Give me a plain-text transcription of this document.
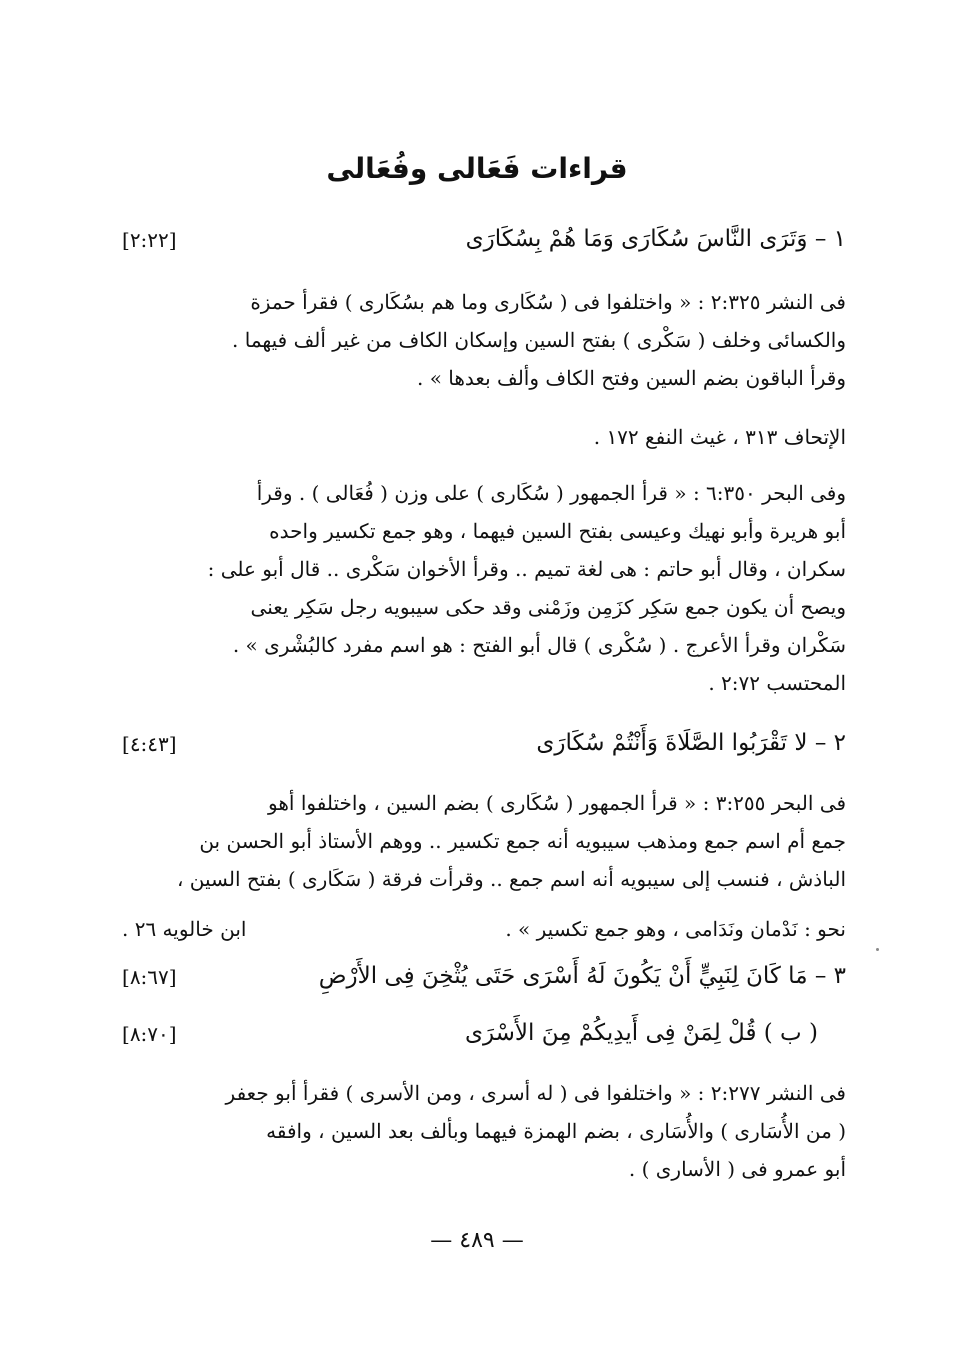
قراءات فَعَالى وفُعَالى
١ – وَتَرَى النَّاسَ سُكَارَى وَمَا هُمْ بِسُكَارَى
[٢:٢٢]
فى النشر ٢:٣٢٥ : « واختلفوا فى ( سُكَارى وما هم بسُكَارى ) فقرأ حمزة
والكسائى وخلف ( سَكْرى ) بفتح السين وإسكان الكاف من غير ألف فيهما .
وقرأ الباقون بضم السين وفتح الكاف وألف بعدها » .
الإتحاف ٣١٣ ، غيث النفع ١٧٢ .
وفى البحر ٦:٣٥٠ : « قرأ الجمهور ( سُكَارى ) على وزن ( فُعَالى ) . وقرأ
أبو هريرة وأبو نهيك وعيسى بفتح السين فيهما ، وهو جمع تكسير واحده
سكران ، وقال أبو حاتم : هى لغة تميم .. وقرأ الأخوان سَكْرى .. قال أبو على :
ويصح أن يكون جمع سَكِر كزَمِن وزَمْنى وقد حكى سيبويه رجل سَكِر يعنى
سَكْران وقرأ الأعرج . ( سُكْرى ) قال أبو الفتح : هو اسم مفرد كالبُشْرى » .
المحتسب ٢:٧٢ .
٢ – لا تَقْرَبُوا الصَّلَاةَ وَأَنْتُمْ سُكَارَى
[٤:٤٣]
فى البحر ٣:٢٥٥ : « قرأ الجمهور ( سُكَارى ) بضم السين ، واختلفوا أهو
جمع أم اسم جمع ومذهب سيبويه أنه جمع تكسير .. ووهم الأستاذ أبو الحسن بن
الباذش ، فنسب إلى سيبويه أنه اسم جمع .. وقرأت فرقة ( سَكَارى ) بفتح السين ،
نحو : نَدْمان ونَدَامى ، وهو جمع تكسير » .
ابن خالويه ٢٦ .
٣ – مَا كَانَ لِنَبِيٍّ أَنْ يَكُونَ لَهُ أَسْرَى حَتَى يُثْخِنَ فِى الأَرْضِ
[٨:٦٧]
( ب ) قُلْ لِمَنْ فِى أَيدِيكُمْ مِنَ الأَسْرَى
[٨:٧٠]
فى النشر ٢:٢٧٧ : « واختلفوا فى ( له أسرى ، ومن الأسرى ) فقرأ أبو جعفر
( من الأُسَارى ) والأُسَارى ، بضم الهمزة فيهما وبألف بعد السين ، وافقه
أبو عمرو فى ( الأسارى ) .
— ٤٨٩ —
